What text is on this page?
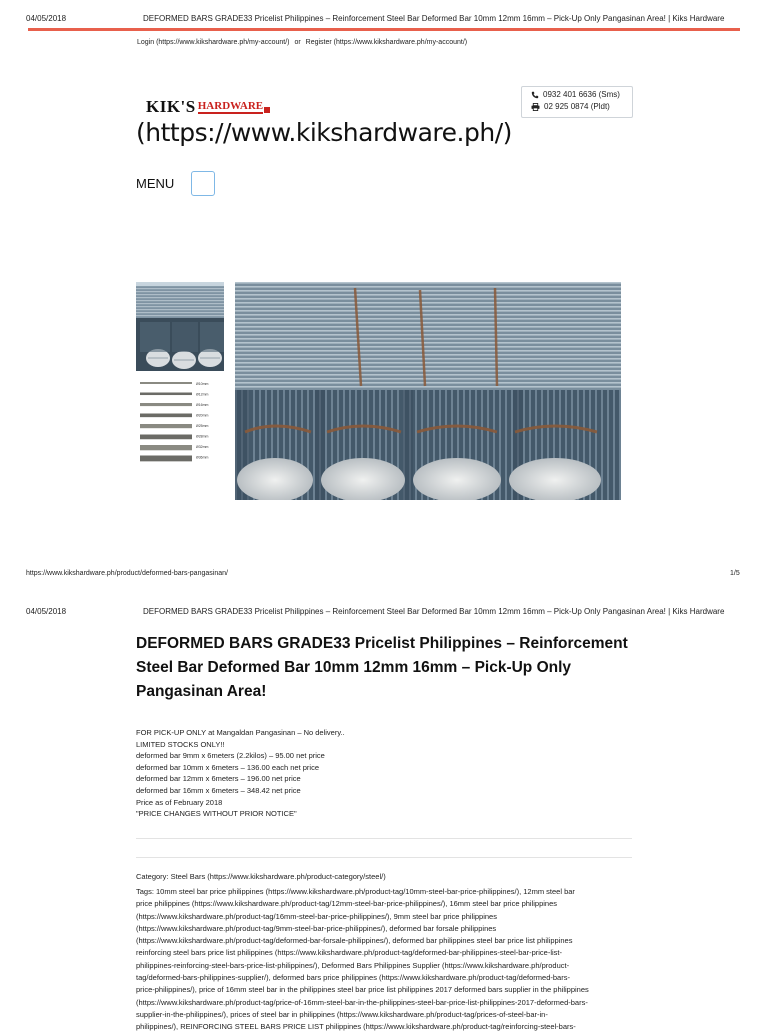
04/05/2018	DEFORMED BARS GRADE33 Pricelist Philippines – Reinforcement Steel Bar Deformed Bar 10mm 12mm 16mm – Pick-Up Only Pangasinan Area! | Kiks Hardware
Login (https://www.kikshardware.ph/my-account/) or Register (https://www.kikshardware.ph/my-account/)
KIK'S HARDWARE
(https://www.kikshardware.ph/)
0932 401 6636 (Sms)
02 925 0874 (Pldt)
MENU
Ø10mm
Ø12mm
Ø16mm
Ø20mm
Ø25mm
Ø28mm
Ø32mm
Ø36mm
https://www.kikshardware.ph/product/deformed-bars-pangasinan/	1/5
04/05/2018	DEFORMED BARS GRADE33 Pricelist Philippines – Reinforcement Steel Bar Deformed Bar 10mm 12mm 16mm – Pick-Up Only Pangasinan Area! | Kiks Hardware
DEFORMED BARS GRADE33 Pricelist Philippines – Reinforcement
Steel Bar Deformed Bar 10mm 12mm 16mm – Pick-Up Only
Pangasinan Area!
FOR PICK-UP ONLY at Mangaldan Pangasinan – No delivery..
LIMITED STOCKS ONLY!!
deformed bar 9mm x 6meters (2.2kilos) – 95.00 net price
deformed bar 10mm x 6meters – 136.00 each net price
deformed bar 12mm x 6meters – 196.00 net price
deformed bar 16mm x 6meters – 348.42 net price
Price as of February 2018
"PRICE CHANGES WITHOUT PRIOR NOTICE"
Category: Steel Bars (https://www.kikshardware.ph/product-category/steel/)
Tags: 10mm steel bar price philippines (https://www.kikshardware.ph/product-tag/10mm-steel-bar-price-philippines/), 12mm steel bar
price philippines (https://www.kikshardware.ph/product-tag/12mm-steel-bar-price-philippines/), 16mm steel bar price philippines
(https://www.kikshardware.ph/product-tag/16mm-steel-bar-price-philippines/), 9mm steel bar price philippines
(https://www.kikshardware.ph/product-tag/9mm-steel-bar-price-philippines/), deformed bar forsale philippines
(https://www.kikshardware.ph/product-tag/deformed-bar-forsale-philippines/), deformed bar philippines steel bar price list philippines
reinforcing steel bars price list philippines (https://www.kikshardware.ph/product-tag/deformed-bar-philippines-steel-bar-price-list-
philippines-reinforcing-steel-bars-price-list-philippines/), Deformed Bars Philippines Supplier (https://www.kikshardware.ph/product-
tag/deformed-bars-philippines-supplier/), deformed bars price philippines (https://www.kikshardware.ph/product-tag/deformed-bars-
price-philippines/), price of 16mm steel bar in the philippines steel bar price list philippines 2017 deformed bars supplier in the philippines
(https://www.kikshardware.ph/product-tag/price-of-16mm-steel-bar-in-the-philippines-steel-bar-price-list-philippines-2017-deformed-bars-
supplier-in-the-philippines/), prices of steel bar in philippines (https://www.kikshardware.ph/product-tag/prices-of-steel-bar-in-
philippines/), REINFORCING STEEL BARS PRICE LIST philippines (https://www.kikshardware.ph/product-tag/reinforcing-steel-bars-
